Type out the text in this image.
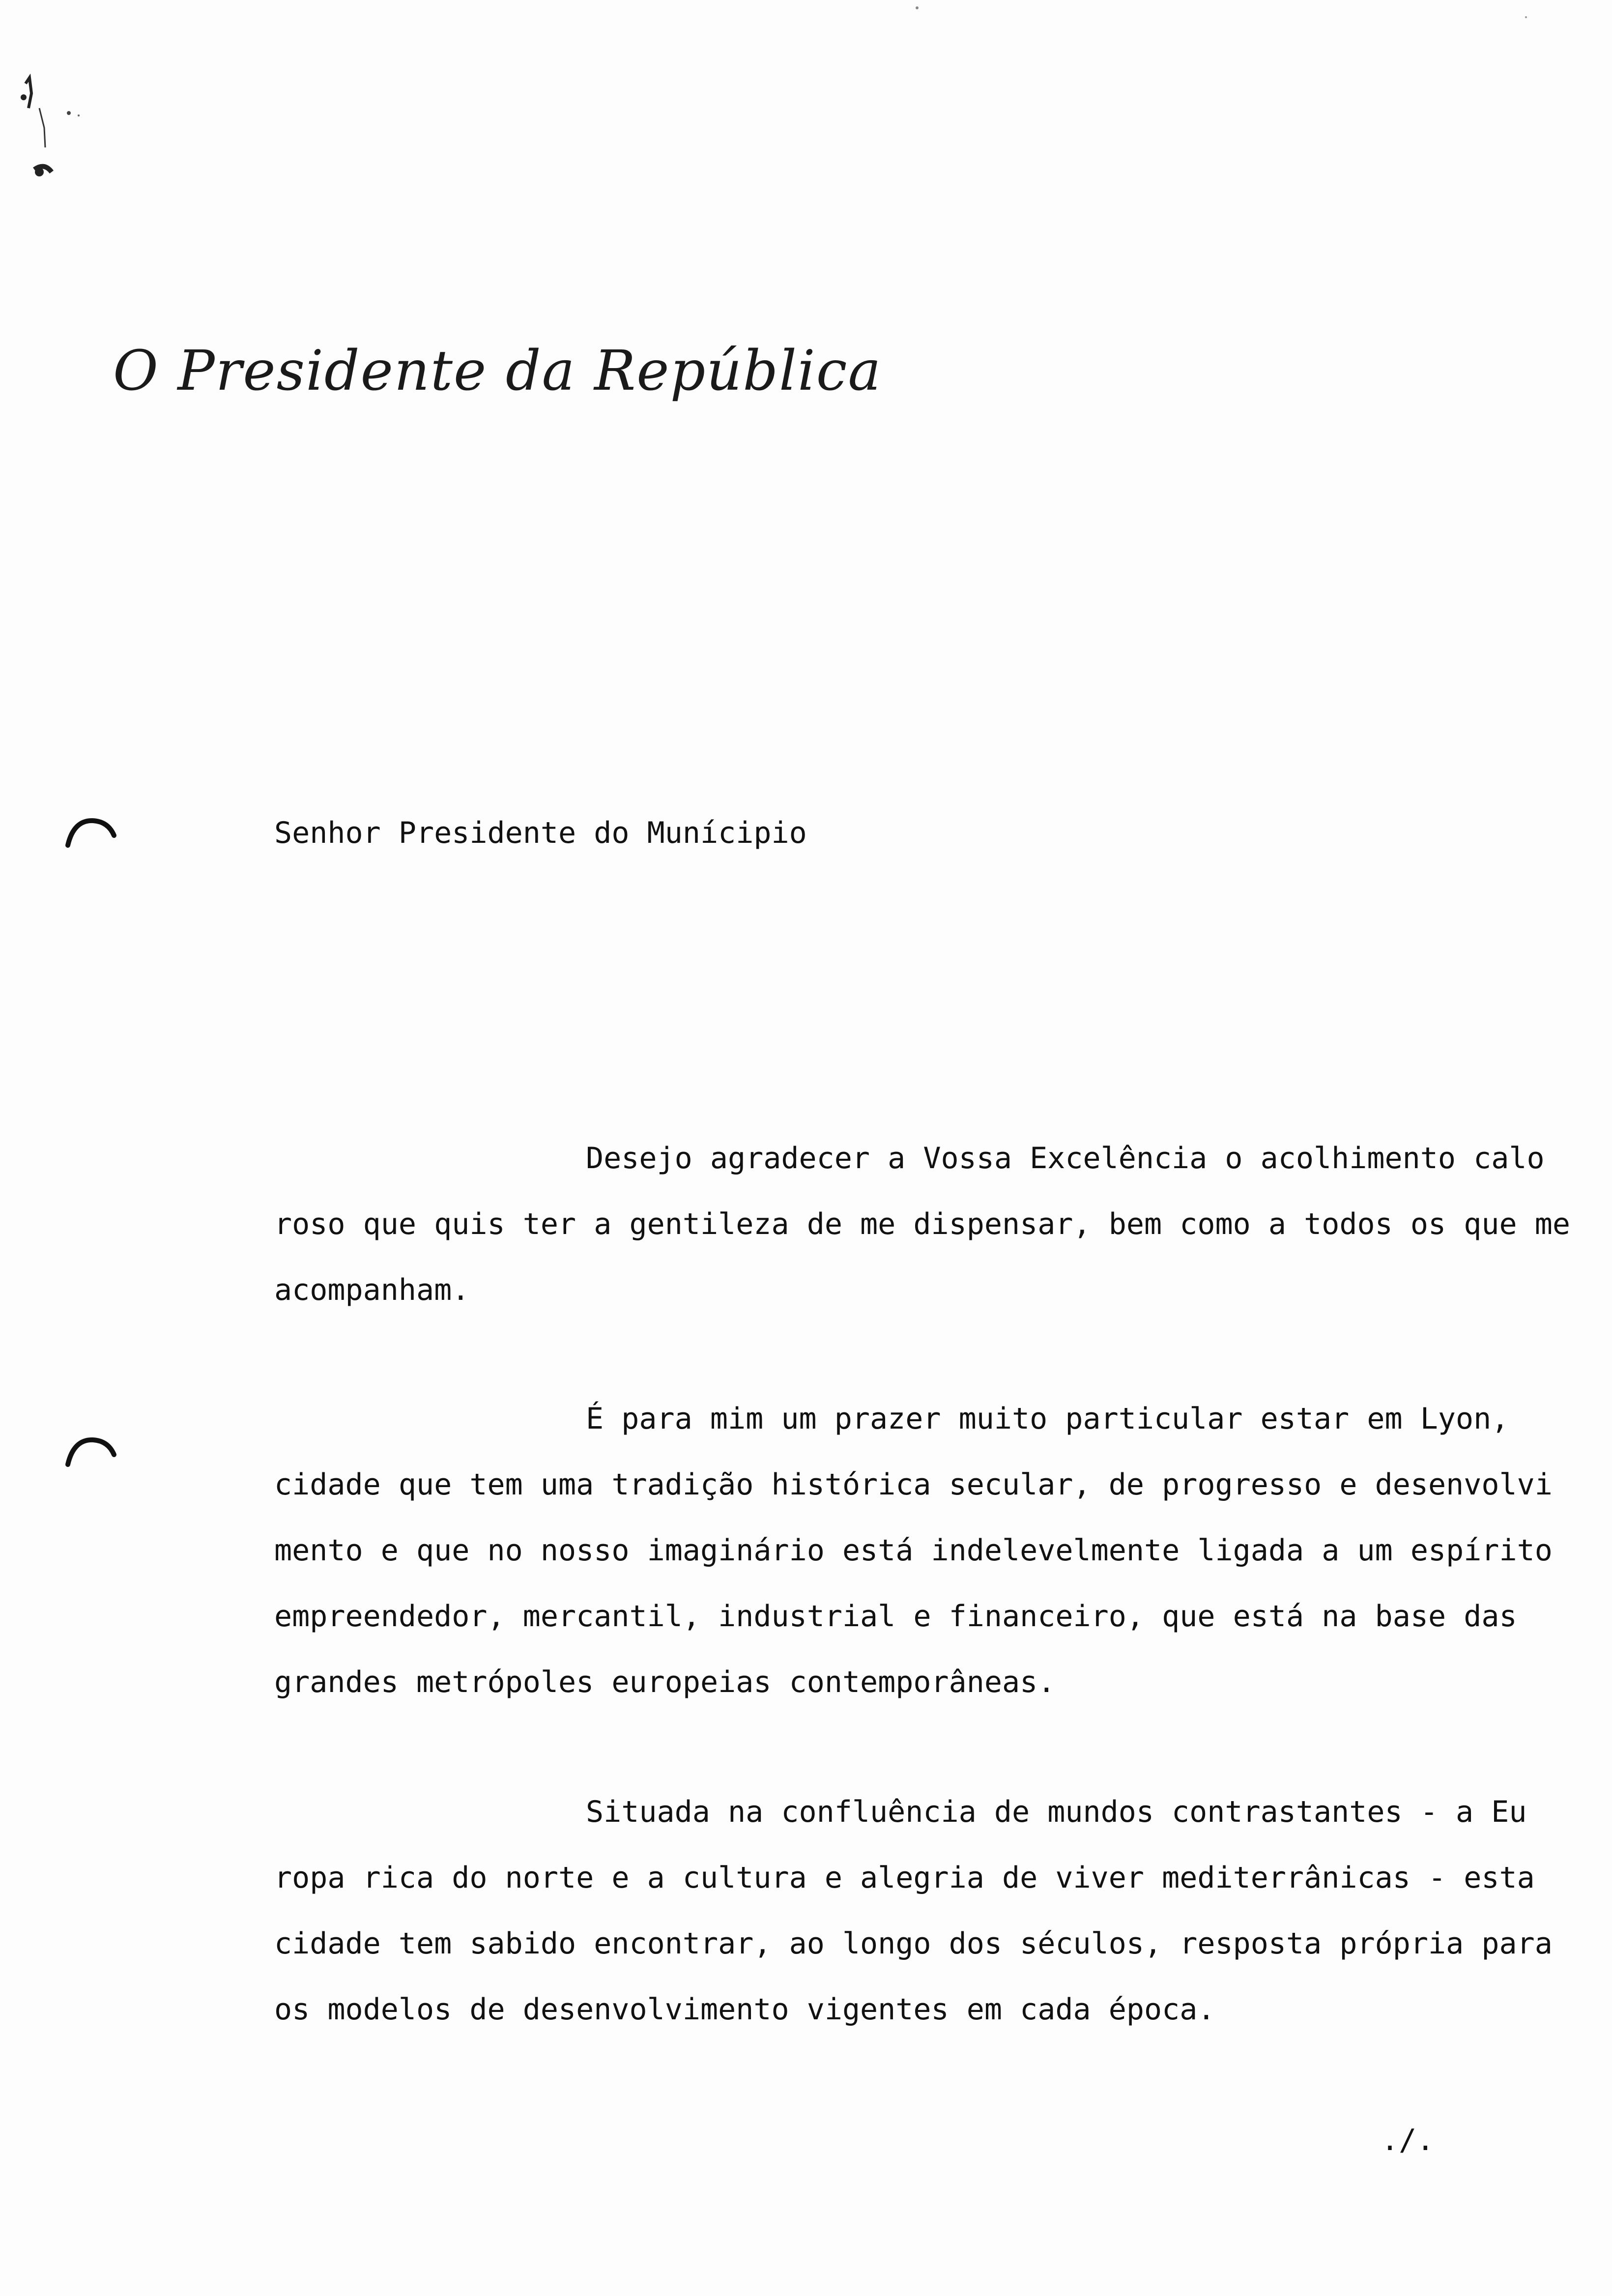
O Presidente da República
Senhor Presidente do Munícipio
Desejo agradecer a Vossa Excelência o acolhimento calo
roso que quis ter a gentileza de me dispensar, bem como a todos os que me
acompanham.
É para mim um prazer muito particular estar em Lyon,
cidade que tem uma tradição histórica secular, de progresso e desenvolvi
mento e que no nosso imaginário está indelevelmente ligada a um espírito
empreendedor, mercantil, industrial e financeiro, que está na base das
grandes metrópoles europeias contemporâneas.
Situada na confluência de mundos contrastantes - a Eu
ropa rica do norte e a cultura e alegria de viver mediterrânicas - esta
cidade tem sabido encontrar, ao longo dos séculos, resposta própria para
os modelos de desenvolvimento vigentes em cada época.
./.
